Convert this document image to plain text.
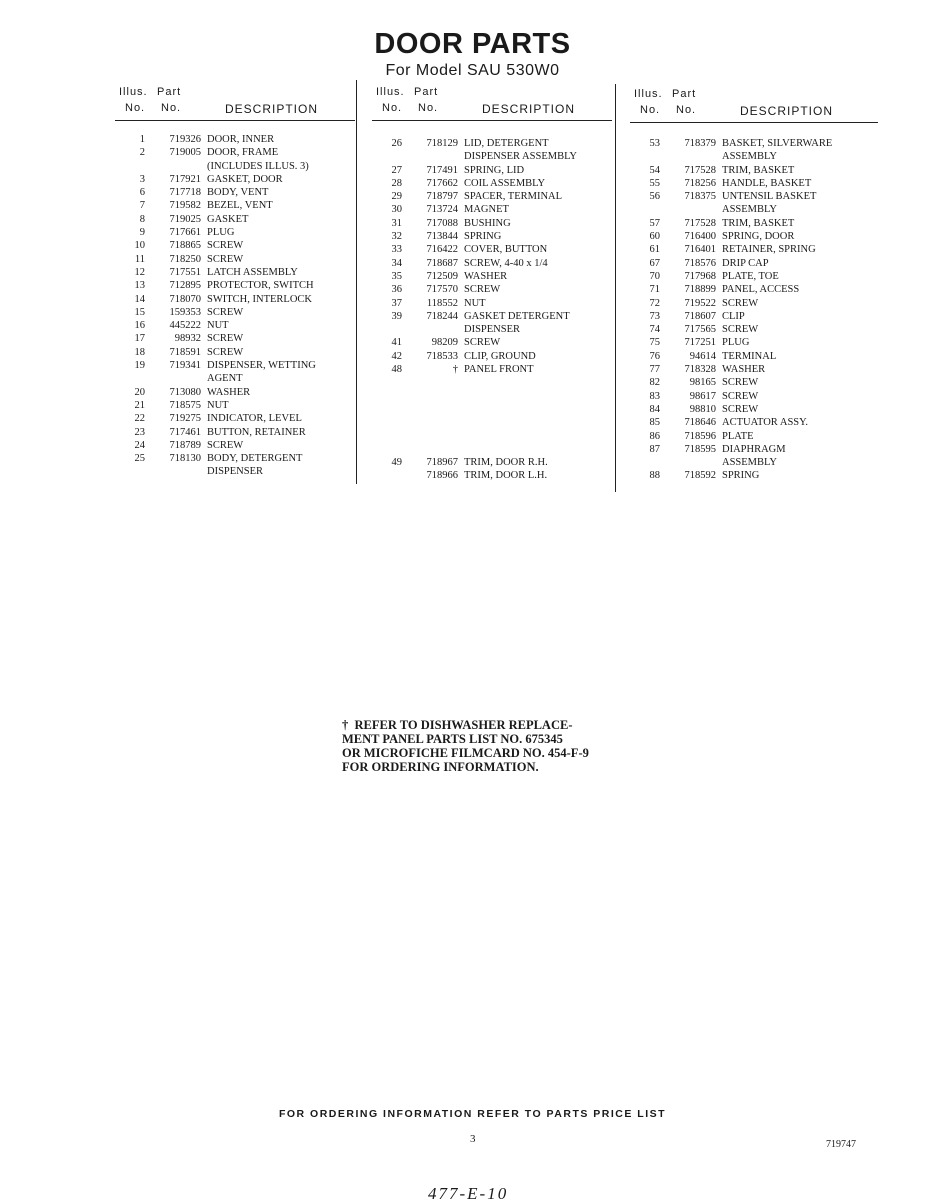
DOOR PARTS
For Model SAU 530W0
Illus. Part
No. No.	DESCRIPTION
1	719326 DOOR, INNER
2	719005 DOOR, FRAME
(INCLUDES ILLUS. 3)
3	717921 GASKET, DOOR
6	717718 BODY, VENT
7	719582 BEZEL, VENT
8	719025 GASKET
9	717661 PLUG
10	718865 SCREW
11	718250 SCREW
12	717551 LATCH ASSEMBLY
13	712895 PROTECTOR, SWITCH
14	718070 SWITCH, INTERLOCK
15	159353 SCREW
16	445222 NUT
17	98932 SCREW
18	718591 SCREW
19	719341 DISPENSER, WETTING
AGENT
20	713080 WASHER
21	718575 NUT
22	719275 INDICATOR, LEVEL
23	717461 BUTTON, RETAINER
24	718789 SCREW
25	718130 BODY, DETERGENT
DISPENSER
Illus. Part
No. No.	DESCRIPTION
26	718129 LID, DETERGENT
DISPENSER ASSEMBLY
27	717491 SPRING, LID
28	717662 COIL ASSEMBLY
29	718797 SPACER, TERMINAL
30	713724 MAGNET
31	717088 BUSHING
32	713844 SPRING
33	716422 COVER, BUTTON
34	718687 SCREW, 4-40 x 1/4
35	712509 WASHER
36	717570 SCREW
37	118552 NUT
39	718244 GASKET DETERGENT
DISPENSER
41	98209 SCREW
42	718533 CLIP, GROUND
48	† PANEL FRONT
49	718967 TRIM, DOOR R.H.
718966 TRIM, DOOR L.H.
Illus. Part
No. No.	DESCRIPTION
53	718379 BASKET, SILVERWARE
ASSEMBLY
54	717528 TRIM, BASKET
55	718256 HANDLE, BASKET
56	718375 UNTENSIL BASKET
ASSEMBLY
57	717528 TRIM, BASKET
60	716400 SPRING, DOOR
61	716401 RETAINER, SPRING
67	718576 DRIP CAP
70	717968 PLATE, TOE
71	718899 PANEL, ACCESS
72	719522 SCREW
73	718607 CLIP
74	717565 SCREW
75	717251 PLUG
76	94614 TERMINAL
77	718328 WASHER
82	98165 SCREW
83	98617 SCREW
84	98810 SCREW
85	718646 ACTUATOR ASSY.
86	718596 PLATE
87	718595 DIAPHRAGM
ASSEMBLY
88	718592 SPRING
†  REFER TO DISHWASHER REPLACE-
MENT PANEL PARTS LIST NO. 675345
OR MICROFICHE FILMCARD NO. 454-F-9
FOR ORDERING INFORMATION.
FOR ORDERING INFORMATION REFER TO PARTS PRICE LIST
3	719747
477-E-10
